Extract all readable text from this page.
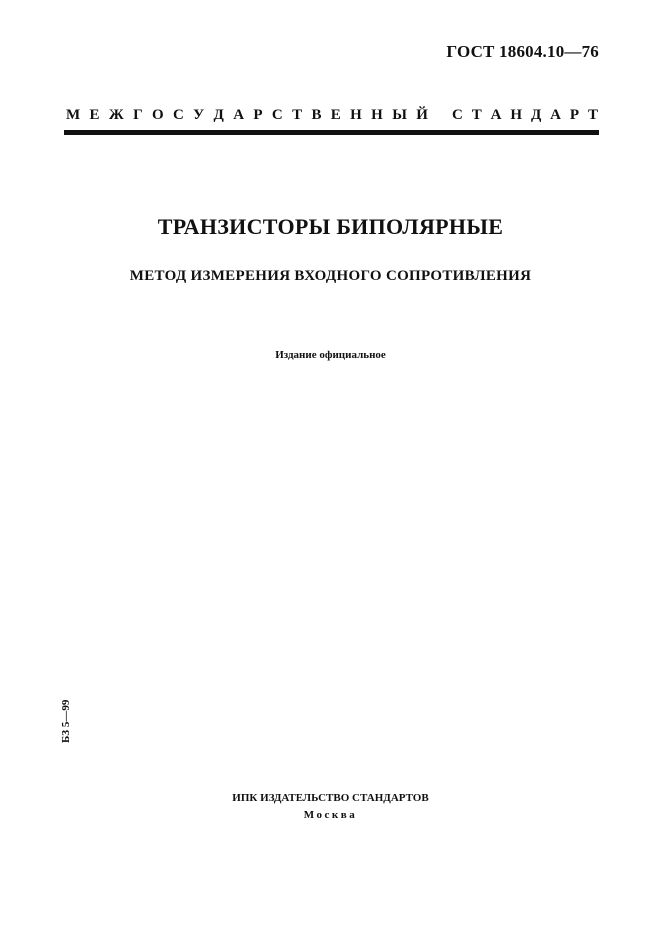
ГОСТ 18604.10—76
М Е Ж Г О С У Д А Р С Т В Е Н Н Ы Й С Т А Н Д А Р Т
ТРАНЗИСТОРЫ БИПОЛЯРНЫЕ
МЕТОД ИЗМЕРЕНИЯ ВХОДНОГО СОПРОТИВЛЕНИЯ
Издание официальное
БЗ 5—99
ИПК ИЗДАТЕЛЬСТВО СТАНДАРТОВ
Москва
